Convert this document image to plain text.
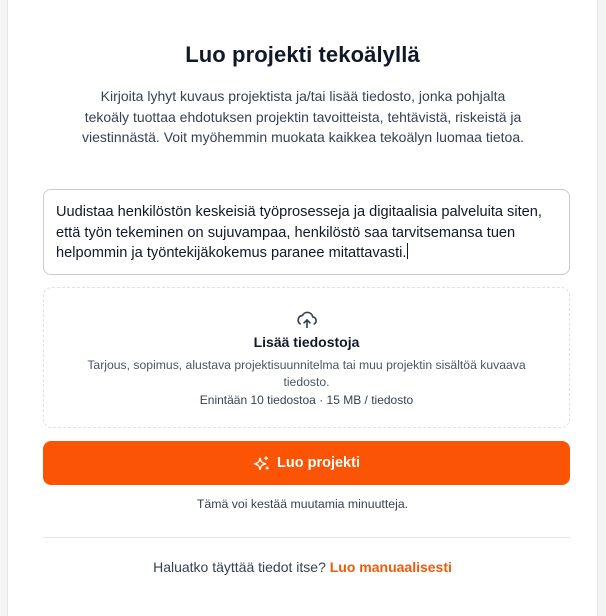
Luo projekti tekoälyllä
Kirjoita lyhyt kuvaus projektista ja/tai lisää tiedosto, jonka pohjalta tekoäly tuottaa ehdotuksen projektin tavoitteista, tehtävistä, riskeistä ja viestinnästä. Voit myöhemmin muokata kaikkea tekoälyn luomaa tietoa.
Uudistaa henkilöstön keskeisiä työprosesseja ja digitaalisia palveluita siten, että työn tekeminen on sujuvampaa, henkilöstö saa tarvitsemansa tuen helpommin ja työntekijäkokemus paranee mitattavasti.
Lisää tiedostoja
Tarjous, sopimus, alustava projektisuunnitelma tai muu projektin sisältöä kuvaava tiedosto.
Enintään 10 tiedostoa · 15 MB / tiedosto
Luo projekti
Tämä voi kestää muutamia minuutteja.
Haluatko täyttää tiedot itse? Luo manuaalisesti
